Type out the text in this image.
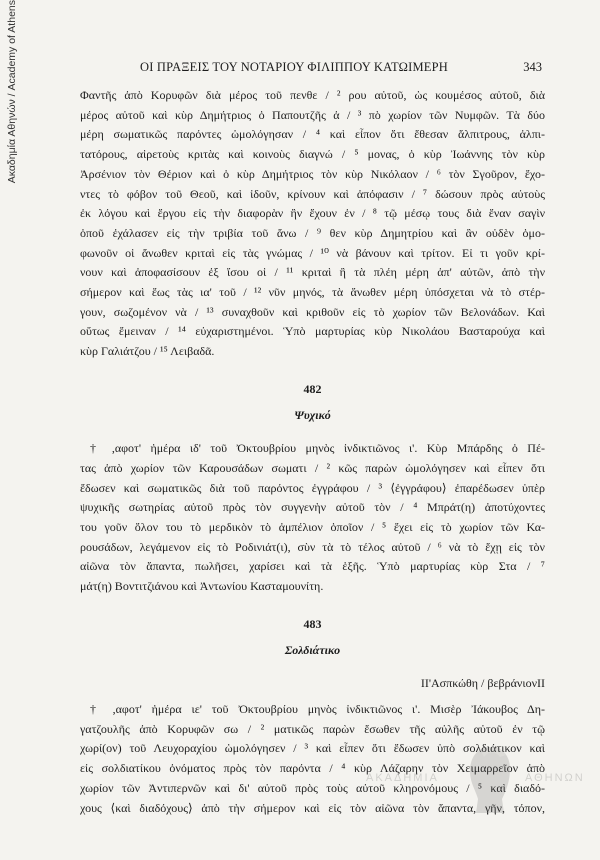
Ακαδημία Αθηνών / Academy of Athens	ΟΙ ΠΡΑΞΕΙΣ ΤΟΥ ΝΟΤΑΡΙΟΥ ΦΙΛΙΠΠΟΥ ΚΑΤΩΙΜΕΡΗ	343
Φαντῆς ἀπὸ Κορυφῶν διὰ μέρος τοῦ πενθε / ² ρου αὐτοῦ, ὡς κουμέσος αὐτοῦ, διὰ
μέρος αὐτοῦ καὶ κὺρ Δημήτριος ὁ Παπουτζῆς ἀ / ³ πὸ χωρίον τῶν Νυμφῶν. Τὰ δύο
μέρη σωματικῶς παρόντες ὡμολόγησαν / ⁴ καὶ εἶπον ὅτι ἔθεσαν ἄλπιτρους, ἀλπι-
τατόρους, αἱρετοὺς κριτὰς καὶ κοινοὺς διαγνώ / ⁵ μονας, ὁ κὺρ Ἰωάννης τὸν κὺρ
Ἀρσένιον τὸν Θέριον καὶ ὁ κὺρ Δημήτριος τὸν κὺρ Νικόλαον / ⁶ τὸν Σγοῦρον, ἔχο-
ντες τὸ φόβον τοῦ Θεοῦ, καὶ ἰδοῦν, κρίνουν καὶ ἀπόφασιν / ⁷ δώσουν πρὸς αὐτοὺς
ἐκ λόγου καὶ ἔργου εἰς τὴν διαφορὰν ἣν ἔχουν ἐν / ⁸ τῷ μέσῳ τους διὰ ἕναν σαγὶν
ὁποῦ ἐχάλασεν εἰς τὴν τριβία τοῦ ἄνω / ⁹ θεν κὺρ Δημητρίου καὶ ἂν οὐδὲν ὁμο-
φωνοῦν οἱ ἄνωθεν κριταὶ εἰς τὰς γνώμας / ¹⁰ νὰ βάνουν καὶ τρίτον. Εἰ τι γοῦν κρί-
νουν καὶ ἀποφασίσουν ἐξ ἴσου οἱ / ¹¹ κριταὶ ἢ τὰ πλέη μέρη ἀπ' αὐτῶν, ἀπὸ τὴν
σήμερον καὶ ἕως τὰς ια' τοῦ / ¹² νῦν μηνός, τὰ ἄνωθεν μέρη ὑπόσχεται νὰ τὸ στέρ-
γουν, σωζομένον νὰ / ¹³ συναχθοῦν καὶ κριθοῦν εἰς τὸ χωρίον τῶν Βελονάδων. Καὶ
οὕτως ἔμειναν / ¹⁴ εὐχαριστημένοι. Ὑπὸ μαρτυρίας κὺρ Νικολάου Βασταρούχα καὶ
κὺρ Γαλιάτζου / ¹⁵ Λειβαδᾶ.
482
Ψυχικό
† ,αφοτ' ἡμέρα ιδ' τοῦ Ὀκτουβρίου μηνὸς ἰνδικτιῶνος ι'. Κὺρ Μπάρδης ὁ Πέ-
τας ἀπὸ χωρίον τῶν Καρουσάδων σωματι / ² κῶς παρὼν ὡμολόγησεν καὶ εἶπεν ὅτι
ἔδωσεν καὶ σωματικῶς διὰ τοῦ παρόντος ἐγγράφου / ³ ⟨ἐγγράφου⟩ ἐπαρέδωσεν ὑπὲρ
ψυχικῆς σωτηρίας αὐτοῦ πρὸς τὸν συγγενὴν αὐτοῦ τὸν / ⁴ Μπράτ(η) ἀποτύχοντες
του γοῦν ὅλον του τὸ μερδικὸν τὸ ἀμπέλιον ὁποῖον / ⁵ ἔχει εἰς τὸ χωρίον τῶν Κα-
ρουσάδων, λεγάμενον εἰς τὸ Ροδινιάτ(ι), σὺν τὰ τὸ τέλος αὐτοῦ / ⁶ νὰ τὸ ἔχῃ εἰς τὸν
αἰῶνα τὸν ἅπαντα, πωλῆσει, χαρίσει καὶ τὰ ἑξῆς. Ὑπὸ μαρτυρίας κὺρ Στα / ⁷
μάτ(η) Βοντιτζιάνου καὶ Ἀντωνίου Κασταμουνίτη.
483
Σολδιάτικο
ΙΙ'Ασπκώθη / βεβράνιονΙΙ
† ,αφοτ' ἡμέρα ιε' τοῦ Ὀκτουβρίου μηνὸς ἰνδικτιῶνος ι'. Μισὲρ Ἰάκουβος Δη-
γατζουλῆς ἀπὸ Κορυφῶν σω / ² ματικῶς παρὼν ἔσωθεν τῆς αὐλῆς αὐτοῦ ἐν τῷ
χωρί(ον) τοῦ Λευχοραχίου ὡμολόγησεν / ³ καὶ εἶπεν ὅτι ἔδωσεν ὑπὸ σολδιάτικον καὶ
εἰς σολδιατίκου ὀνόματος πρὸς τὸν παρόντα / ⁴ κὺρ Λάζαρην τὸν Χειμαρρεῖον ἀπὸ
χωρίον τῶν Ἀντιπερνῶν καὶ δι' αὐτοῦ πρὸς τοὺς αὐτοῦ κληρονόμους / ⁵ καὶ διαδό-
χους ⟨καὶ διαδόχους⟩ ἀπὸ τὴν σήμερον καὶ εἰς τὸν αἰῶνα τὸν ἅπαντα, γῆν, τόπον,
ΑΚΑΔΗΜΙΑ	ΑΘΗΝΩΝ
